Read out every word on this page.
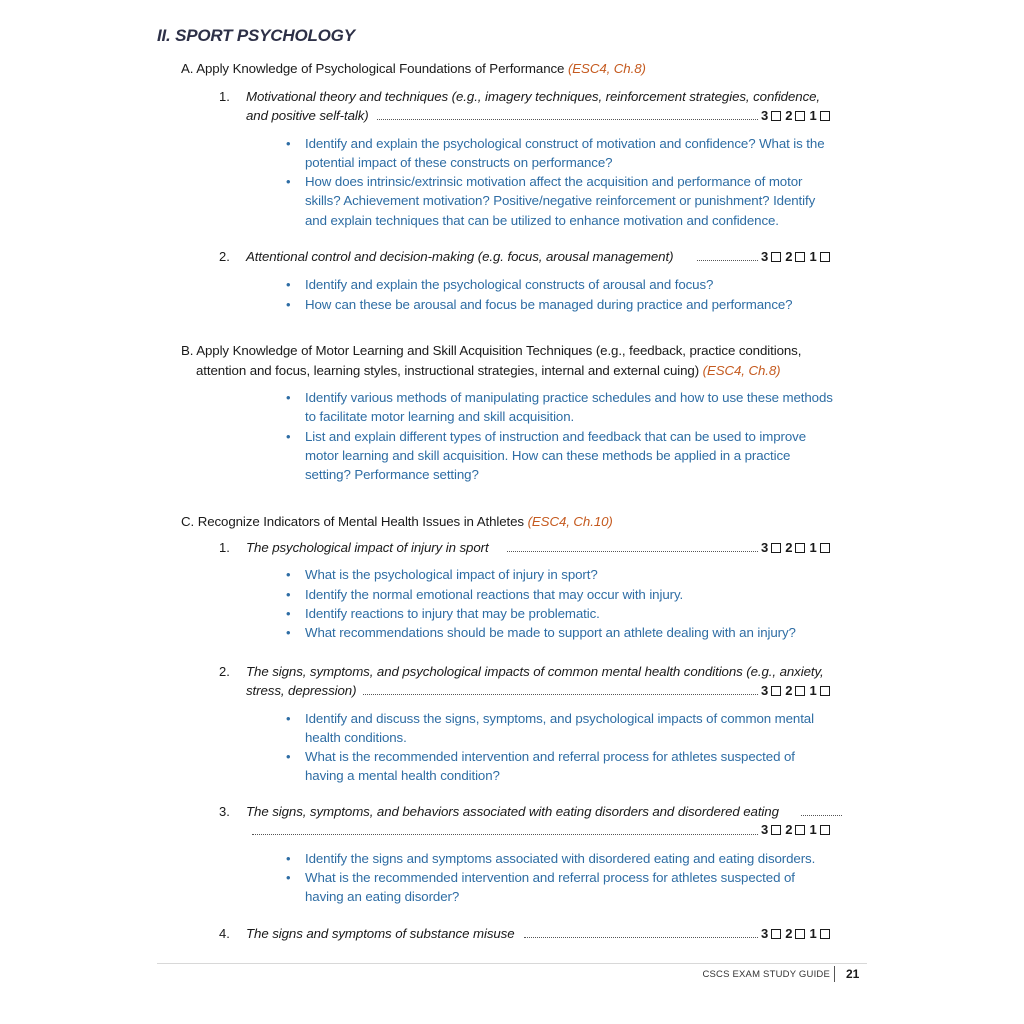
II. SPORT PSYCHOLOGY
A. Apply Knowledge of Psychological Foundations of Performance (ESC4, Ch.8)
1. Motivational theory and techniques (e.g., imagery techniques, reinforcement strategies, confidence,
and positive self-talk)	3 2 1
• Identify and explain the psychological construct of motivation and confidence? What is the
potential impact of these constructs on performance?
• How does intrinsic/extrinsic motivation affect the acquisition and performance of motor
skills? Achievement motivation? Positive/negative reinforcement or punishment? Identify
and explain techniques that can be utilized to enhance motivation and confidence.
2. Attentional control and decision-making (e.g. focus, arousal management)	3 2 1
• Identify and explain the psychological constructs of arousal and focus?
• How can these be arousal and focus be managed during practice and performance?
B. Apply Knowledge of Motor Learning and Skill Acquisition Techniques (e.g., feedback, practice conditions,
attention and focus, learning styles, instructional strategies, internal and external cuing) (ESC4, Ch.8)
• Identify various methods of manipulating practice schedules and how to use these methods
to facilitate motor learning and skill acquisition.
• List and explain different types of instruction and feedback that can be used to improve
motor learning and skill acquisition. How can these methods be applied in a practice
setting? Performance setting?
C. Recognize Indicators of Mental Health Issues in Athletes (ESC4, Ch.10)
1. The psychological impact of injury in sport	3 2 1
• What is the psychological impact of injury in sport?
• Identify the normal emotional reactions that may occur with injury.
• Identify reactions to injury that may be problematic.
• What recommendations should be made to support an athlete dealing with an injury?
2. The signs, symptoms, and psychological impacts of common mental health conditions (e.g., anxiety,
stress, depression)	3 2 1
• Identify and discuss the signs, symptoms, and psychological impacts of common mental
health conditions.
• What is the recommended intervention and referral process for athletes suspected of
having a mental health condition?
3. The signs, symptoms, and behaviors associated with eating disorders and disordered eating
3 2 1
• Identify the signs and symptoms associated with disordered eating and eating disorders.
• What is the recommended intervention and referral process for athletes suspected of
having an eating disorder?
4. The signs and symptoms of substance misuse	3 2 1
CSCS EXAM STUDY GUIDE 21
